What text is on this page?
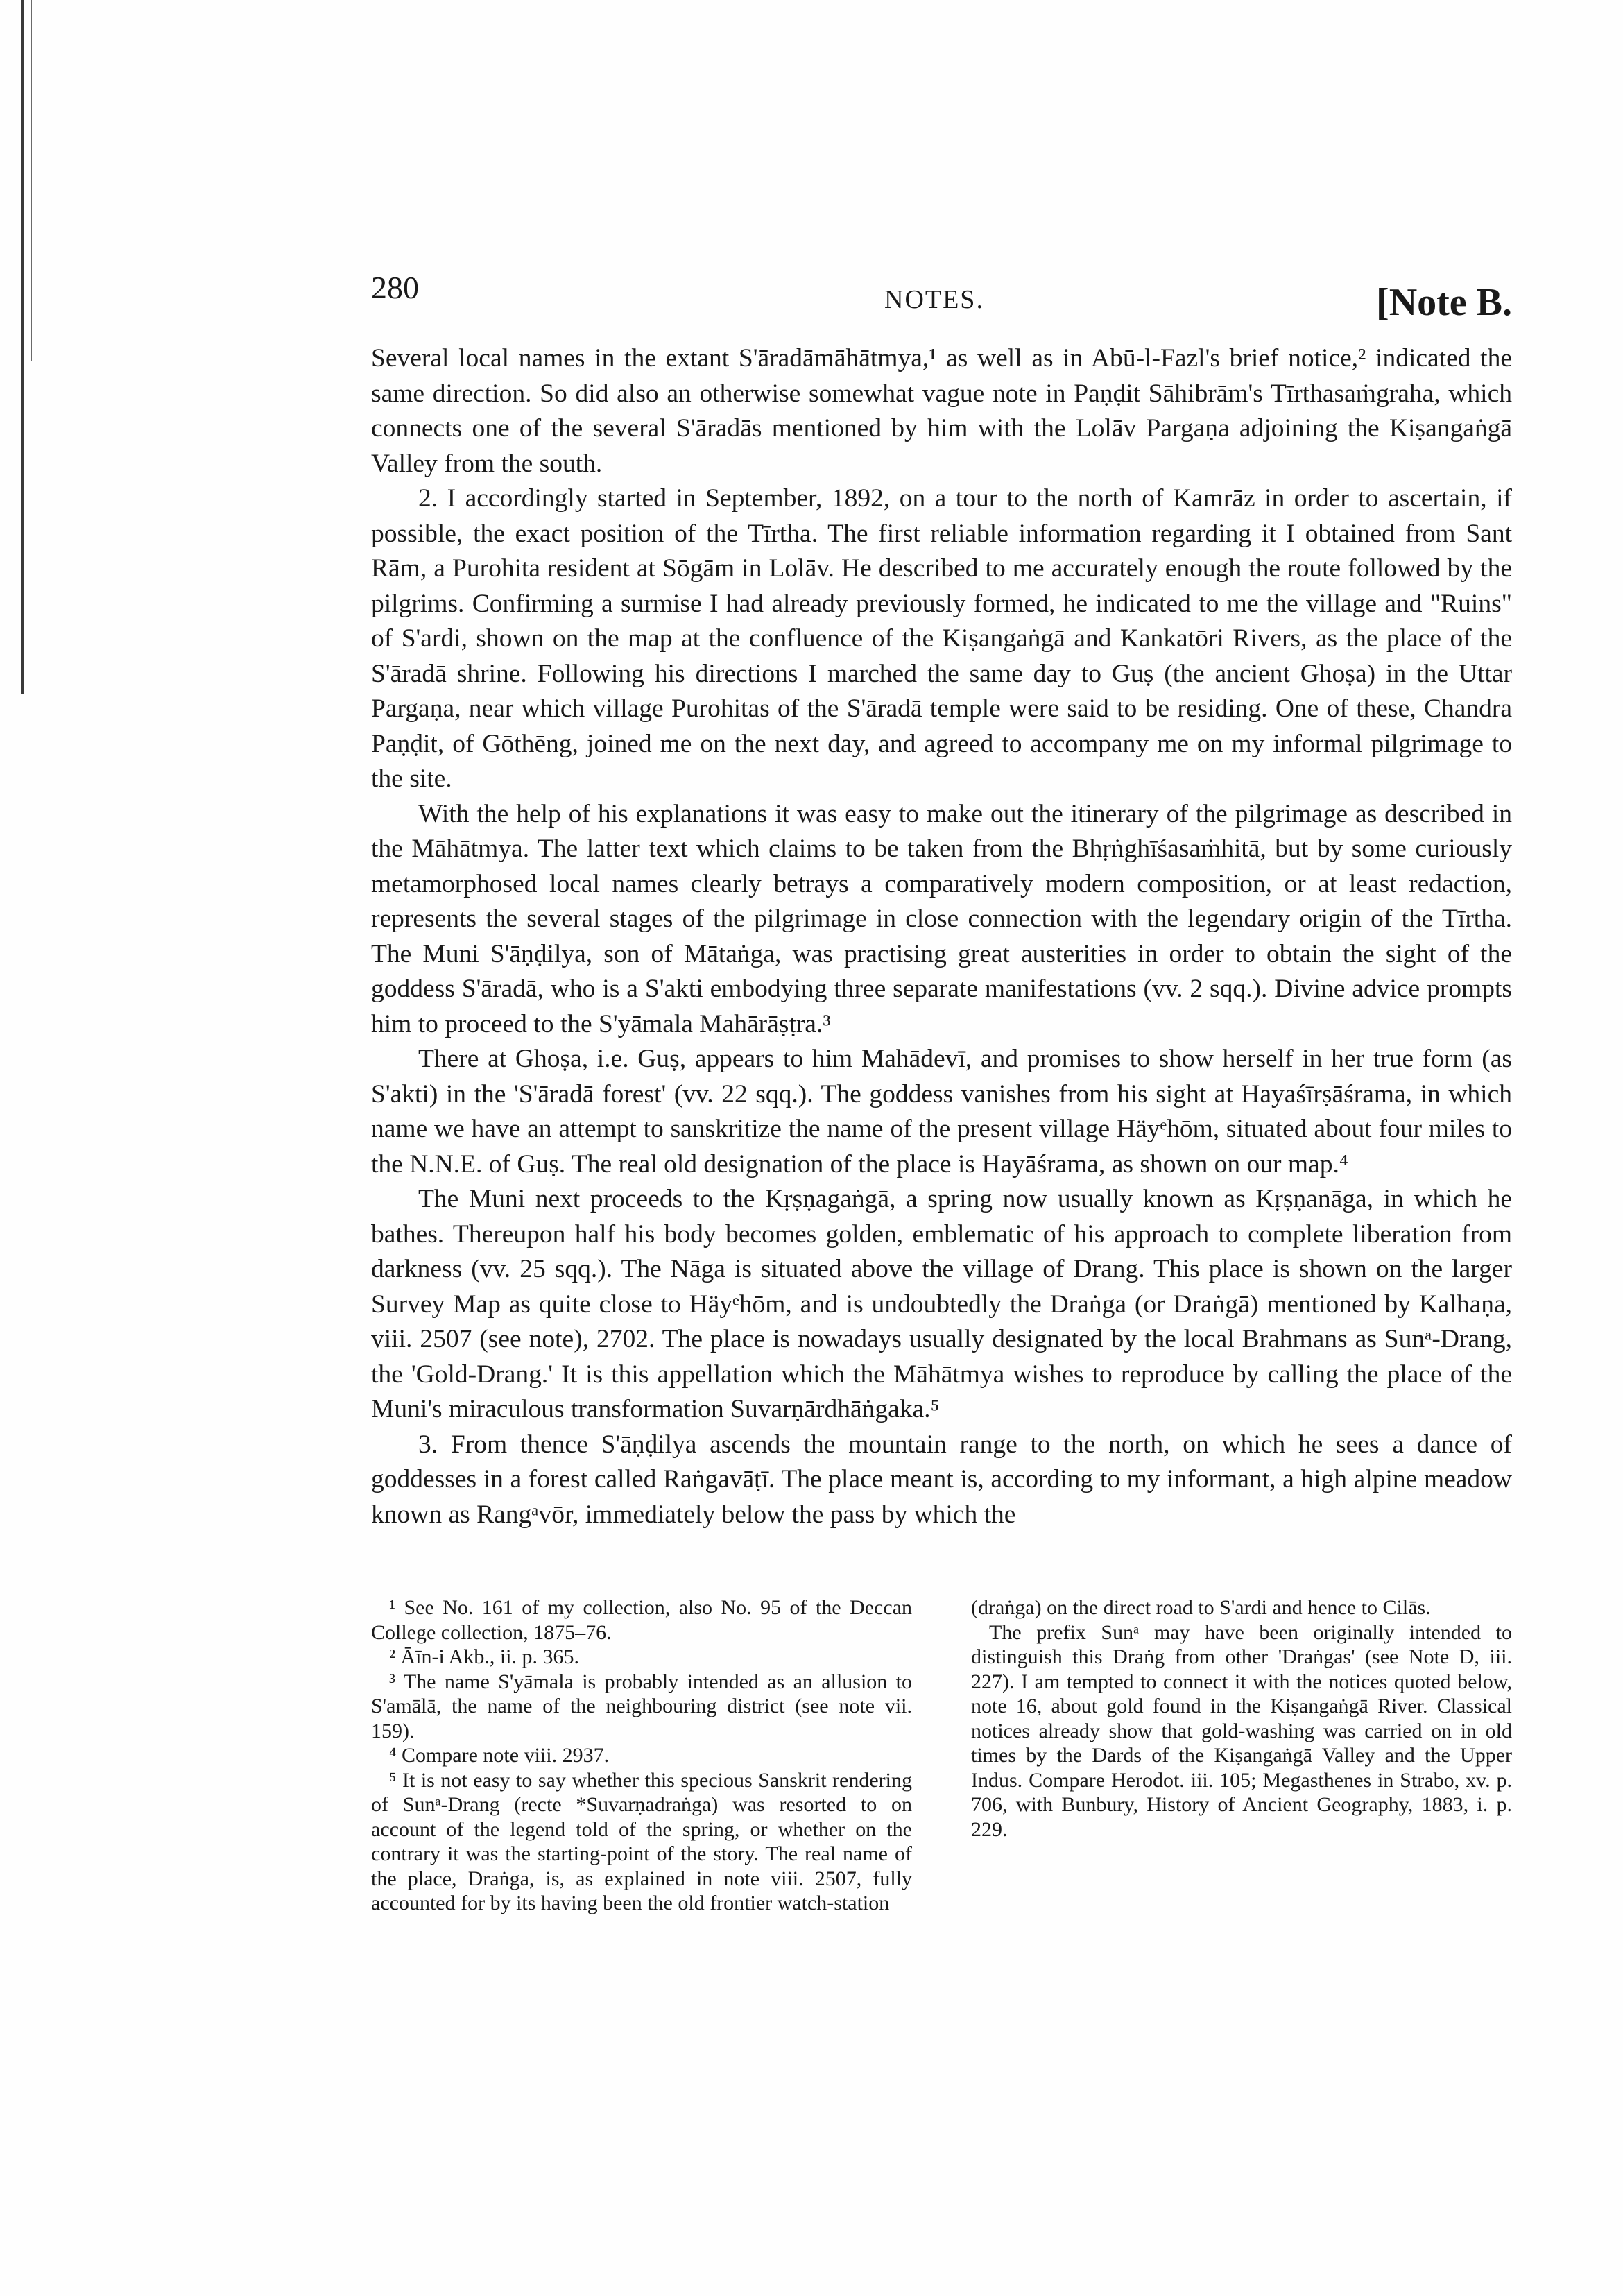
280	NOTES.	[Note B.

Several local names in the extant S'āradāmāhātmya,¹ as well as in Abū-l-Fazl's brief notice,² indicated the same direction. So did also an otherwise somewhat vague note in Paṇḍit Sāhibrām's Tīrthasaṁgraha, which connects one of the several S'āradās mentioned by him with the Lolāv Pargaṇa adjoining the Kiṣangaṅgā Valley from the south.

2. I accordingly started in September, 1892, on a tour to the north of Kamrāz in order to ascertain, if possible, the exact position of the Tīrtha. The first reliable information regarding it I obtained from Sant Rām, a Purohita resident at Sōgām in Lolāv. He described to me accurately enough the route followed by the pilgrims. Confirming a surmise I had already previously formed, he indicated to me the village and "Ruins" of S'ardi, shown on the map at the confluence of the Kiṣangaṅgā and Kankatōri Rivers, as the place of the S'āradā shrine. Following his directions I marched the same day to Guṣ (the ancient Ghoṣa) in the Uttar Pargaṇa, near which village Purohitas of the S'āradā temple were said to be residing. One of these, Chandra Paṇḍit, of Gōthēng, joined me on the next day, and agreed to accompany me on my informal pilgrimage to the site.

With the help of his explanations it was easy to make out the itinerary of the pilgrimage as described in the Māhātmya. The latter text which claims to be taken from the Bhṛṅghīśasaṁhitā, but by some curiously metamorphosed local names clearly betrays a comparatively modern composition, or at least redaction, represents the several stages of the pilgrimage in close connection with the legendary origin of the Tīrtha. The Muni S'āṇḍilya, son of Mātaṅga, was practising great austerities in order to obtain the sight of the goddess S'āradā, who is a S'akti embodying three separate manifestations (vv. 2 sqq.). Divine advice prompts him to proceed to the S'yāmala Mahārāṣṭra.³

There at Ghoṣa, i.e. Guṣ, appears to him Mahādevī, and promises to show herself in her true form (as S'akti) in the 'S'āradā forest' (vv. 22 sqq.). The goddess vanishes from his sight at Hayaśīrṣāśrama, in which name we have an attempt to sanskritize the name of the present village Häyᵉhōm, situated about four miles to the N.N.E. of Guṣ. The real old designation of the place is Hayāśrama, as shown on our map.⁴

The Muni next proceeds to the Kṛṣṇagaṅgā, a spring now usually known as Kṛṣṇanāga, in which he bathes. Thereupon half his body becomes golden, emblematic of his approach to complete liberation from darkness (vv. 25 sqq.). The Nāga is situated above the village of Drang. This place is shown on the larger Survey Map as quite close to Häyᵉhōm, and is undoubtedly the Draṅga (or Draṅgā) mentioned by Kalhaṇa, viii. 2507 (see note), 2702. The place is nowadays usually designated by the local Brahmans as Sunᵃ-Drang, the 'Gold-Drang.' It is this appellation which the Māhātmya wishes to reproduce by calling the place of the Muni's miraculous transformation Suvarṇārdhāṅgaka.⁵

3. From thence S'āṇḍilya ascends the mountain range to the north, on which he sees a dance of goddesses in a forest called Raṅgavāṭī. The place meant is, according to my informant, a high alpine meadow known as Rangᵃvōr, immediately below the pass by which the

¹ See No. 161 of my collection, also No. 95 of the Deccan College collection, 1875–76.

² Āīn-i Akb., ii. p. 365.

³ The name S'yāmala is probably intended as an allusion to S'amālā, the name of the neighbouring district (see note vii. 159).

⁴ Compare note viii. 2937.

⁵ It is not easy to say whether this specious Sanskrit rendering of Sunᵃ-Drang (recte *Suvarṇadraṅga) was resorted to on account of the legend told of the spring, or whether on the contrary it was the starting-point of the story. The real name of the place, Draṅga, is, as explained in note viii. 2507, fully accounted for by its having been the old frontier watch-station

(draṅga) on the direct road to S'ardi and hence to Cilās.

The prefix Sunᵃ may have been originally intended to distinguish this Draṅg from other 'Draṅgas' (see Note D, iii. 227). I am tempted to connect it with the notices quoted below, note 16, about gold found in the Kiṣangaṅgā River. Classical notices already show that gold-washing was carried on in old times by the Dards of the Kiṣangaṅgā Valley and the Upper Indus. Compare Herodot. iii. 105; Megasthenes in Strabo, xv. p. 706, with Bunbury, History of Ancient Geography, 1883, i. p. 229.
